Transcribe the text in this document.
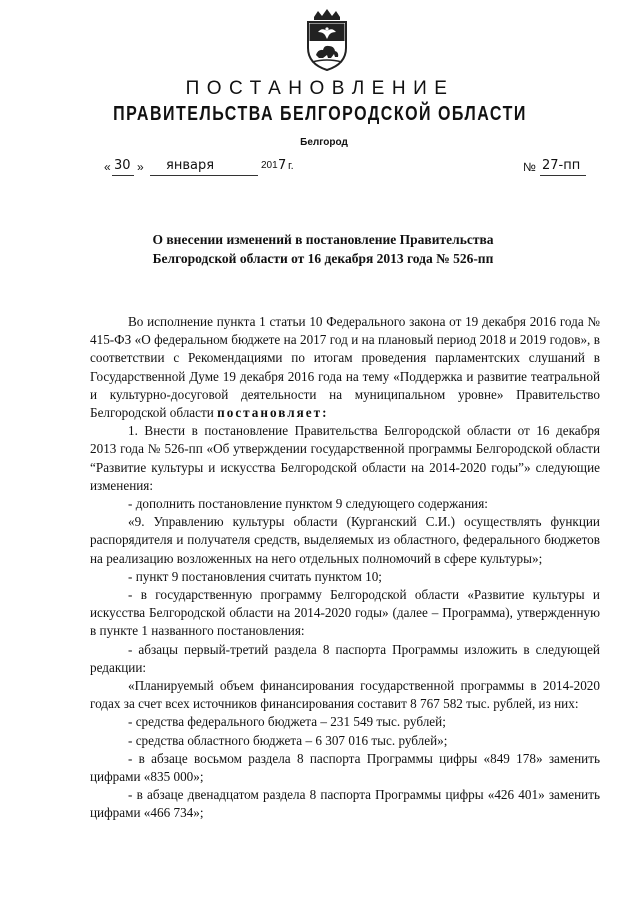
ПОСТАНОВЛЕНИЕ
ПРАВИТЕЛЬСТВА БЕЛГОРОДСКОЙ ОБЛАСТИ
Белгород
« 30 » января	201 7 г.	№ 27-пп
О внесении изменений в постановление Правительства
Белгородской области от 16 декабря 2013 года № 526-пп

Во исполнение пункта 1 статьи 10 Федерального закона от 19 декабря 2016 года № 415-ФЗ «О федеральном бюджете на 2017 год и на плановый период 2018 и 2019 годов», в соответствии с Рекомендациями по итогам проведения парламентских слушаний в Государственной Думе 19 декабря 2016 года на тему «Поддержка и развитие театральной и культурно-досуговой деятельности на муниципальном уровне» Правительство Белгородской области постановляет:

1. Внести в постановление Правительства Белгородской области от 16 декабря 2013 года № 526-пп «Об утверждении государственной программы Белгородской области “Развитие культуры и искусства Белгородской области на 2014-2020 годы”» следующие изменения:

- дополнить постановление пунктом 9 следующего содержания:

«9. Управлению культуры области (Курганский С.И.) осуществлять функции распорядителя и получателя средств, выделяемых из областного, федерального бюджетов на реализацию возложенных на него отдельных полномочий в сфере культуры»;

- пункт 9 постановления считать пунктом 10;

- в государственную программу Белгородской области «Развитие культуры и искусства Белгородской области на 2014-2020 годы» (далее – Программа), утвержденную в пункте 1 названного постановления:

- абзацы первый-третий раздела 8 паспорта Программы изложить в следующей редакции:

«Планируемый объем финансирования государственной программы в 2014-2020 годах за счет всех источников финансирования составит 8 767 582 тыс. рублей, из них:

- средства федерального бюджета – 231 549 тыс. рублей;

- средства областного бюджета – 6 307 016 тыс. рублей»;

- в абзаце восьмом раздела 8 паспорта Программы цифры «849 178» заменить цифрами «835 000»;

- в абзаце двенадцатом раздела 8 паспорта Программы цифры «426 401» заменить цифрами «466 734»;
